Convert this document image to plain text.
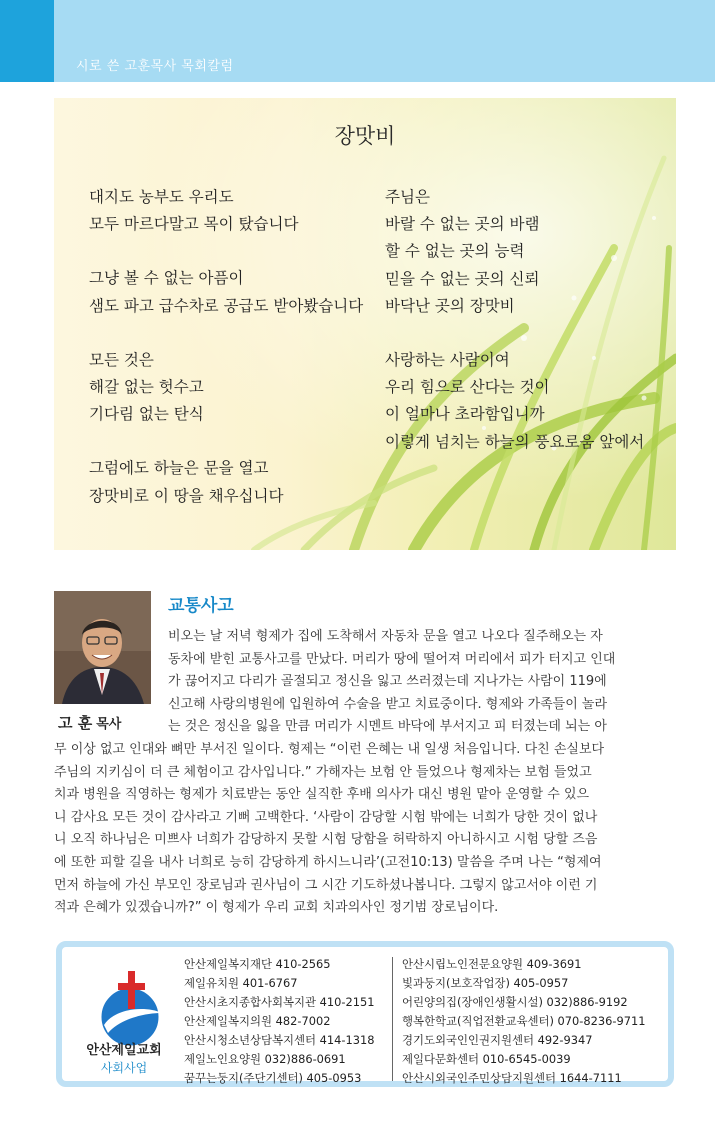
시로 쓴 고훈목사 목회칼럼
장맛비
대지도 농부도 우리도
모두 마르다말고 목이 탔습니다
그냥 볼 수 없는 아픔이
샘도 파고 급수차로 공급도 받아봤습니다
모든 것은
해갈 없는 헛수고
기다림 없는 탄식
그럼에도 하늘은 문을 열고
장맛비로 이 땅을 채우십니다
주님은
바랄 수 없는 곳의 바램
할 수 없는 곳의 능력
믿을 수 없는 곳의 신뢰
바닥난 곳의 장맛비
사랑하는 사람이여
우리 힘으로 산다는 것이
이 얼마나 초라함입니까
이렇게 넘치는 하늘의 풍요로움 앞에서
고 훈 목사
교통사고
비오는 날 저녁 형제가 집에 도착해서 자동차 문을 열고 나오다 질주해오는 자
동차에 받힌 교통사고를 만났다. 머리가 땅에 떨어져 머리에서 피가 터지고 인대
가 끊어지고 다리가 골절되고 정신을 잃고 쓰러졌는데 지나가는 사람이 119에
신고해 사랑의병원에 입원하여 수술을 받고 치료중이다. 형제와 가족들이 놀라
는 것은 정신을 잃을 만큼 머리가 시멘트 바닥에 부서지고 피 터졌는데 뇌는 아
무 이상 없고 인대와 뼈만 부서진 일이다. 형제는 “이런 은혜는 내 일생 처음입니다. 다친 손실보다
주님의 지키심이 더 큰 체험이고 감사입니다.” 가해자는 보험 안 들었으나 형제차는 보험 들었고
치과 병원을 직영하는 형제가 치료받는 동안 실직한 후배 의사가 대신 병원 맡아 운영할 수 있으
니 감사요 모든 것이 감사라고 기뻐 고백한다. ‘사람이 감당할 시험 밖에는 너희가 당한 것이 없나
니 오직 하나님은 미쁘사 너희가 감당하지 못할 시험 당함을 허락하지 아니하시고 시험 당할 즈음
에 또한 피할 길을 내사 너희로 능히 감당하게 하시느니라’(고전10:13) 말씀을 주며 나는 “형제여
먼저 하늘에 가신 부모인 장로님과 권사님이 그 시간 기도하셨나봅니다. 그렇지 않고서야 이런 기
적과 은혜가 있겠습니까?” 이 형제가 우리 교회 치과의사인 정기범 장로님이다.
안산제일교회
사회사업
안산제일복지재단 410-2565
제일유치원 401-6767
안산시초지종합사회복지관 410-2151
안산제일복지의원 482-7002
안산시청소년상담복지센터 414-1318
제일노인요양원 032)886-0691
꿈꾸는둥지(주단기센터) 405-0953
안산시립노인전문요양원 409-3691
빛과둥지(보호작업장) 405-0957
어린양의집(장애인생활시설) 032)886-9192
행복한학교(직업전환교육센터) 070-8236-9711
경기도외국인인권지원센터 492-9347
제일다문화센터 010-6545-0039
안산시외국인주민상담지원센터 1644-7111
